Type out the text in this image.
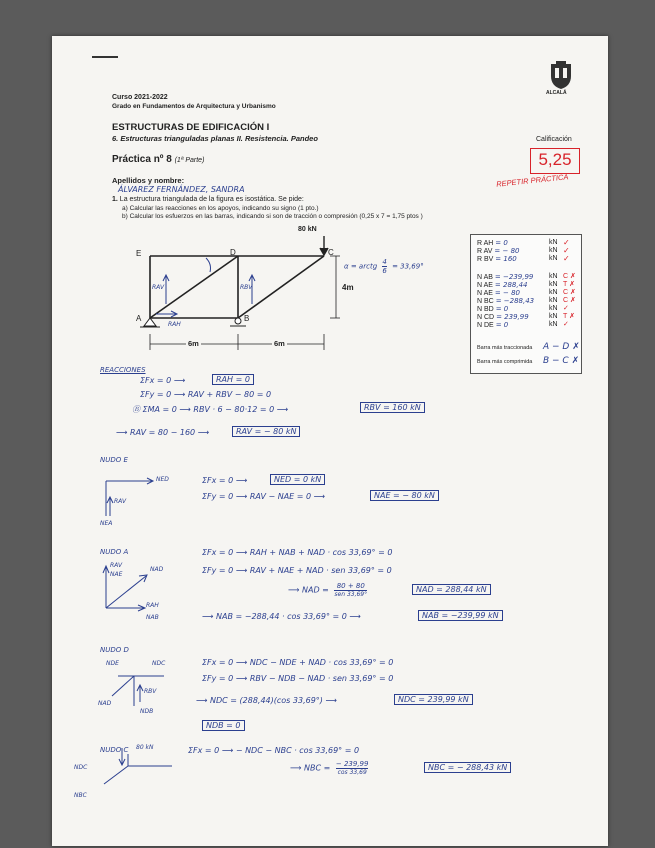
ALCALÁ
Curso 2021-2022
Grado en Fundamentos de Arquitectura y Urbanismo
ESTRUCTURAS DE EDIFICACIÓN I
6. Estructuras trianguladas planas II. Resistencia. Pandeo
Práctica nº 8 (1ª Parte)
Calificación
5,25
REPETIR PRÁCTICA
Apellidos y nombre:
ÁLVAREZ FERNÁNDEZ, SANDRA
1. La estructura triangulada de la figura es isostática. Se pide:
a) Calcular las reacciones en los apoyos, indicando su signo (1 pto.)
b) Calcular los esfuerzos en las barras, indicando si son de tracción o compresión (0,25 x 7 = 1,75 ptos )
80 kN
E	D	C
A	B
4m
6m	6m
RAV
RAH
RBV
α = arctg $\frac{4}{6} = 33,69^\circ$
R AH = 0	kN ✓
R AV = − 80	kN ✓
R BV = 160	kN ✓
N AB = −239,99 kN C ✗
N AE = 288,44	kN T ✗
N AE = − 80	kN C ✗
N BC = −288,43 kN C ✗
N BD = 0	kN ✓
N CD = 239,99	kN T ✗
N DE = 0	kN ✓
Barra más traccionada A − D ✗
Barra más comprimida B − C ✗
REACCIONES
ΣFx = 0 ⟶	RAH = 0
ΣFy = 0 ⟶ RAV + RBV − 80 = 0
Ⓑ ΣMA = 0 ⟶ RBV · 6 − 80·12 = 0 ⟶	RBV = 160 kN
⟶ RAV = 80 − 160 ⟶	RAV = − 80 kN
NUDO E
NED
RAV
NEA
ΣFx = 0 ⟶	NED = 0 kN
ΣFy = 0 ⟶ RAV − NAE = 0 ⟶	NAE = − 80 kN
NUDO A
RAV
NAE
NAD
RAH
NAB
ΣFx = 0 ⟶ RAH + NAB + NAD · cos 33,69° = 0
ΣFy = 0 ⟶ RAV + NAE + NAD · sen 33,69° = 0
⟶ NAD =	80 + 80
sen 33,69°
NAD = 288,44 kN
⟶ NAB = −288,44 · cos 33,69° = 0 ⟶	NAB = −239,99 kN
NUDO D
NDE	NDC
RBV
NAD
NDB
ΣFx = 0 ⟶ NDC − NDE + NAD · cos 33,69° = 0
ΣFy = 0 ⟶ RBV − NDB − NAD · sen 33,69° = 0
⟶ NDC = (288,44)(cos 33,69°) ⟶	NDC = 239,99 kN
NDB = 0
NUDO C 80 kN
NDC
NBC
ΣFx = 0 ⟶ − NDC − NBC · cos 33,69° = 0
⟶ NBC = $\frac{- 239,99}{\cos 33,69}$	NBC = − 288,43 kN
